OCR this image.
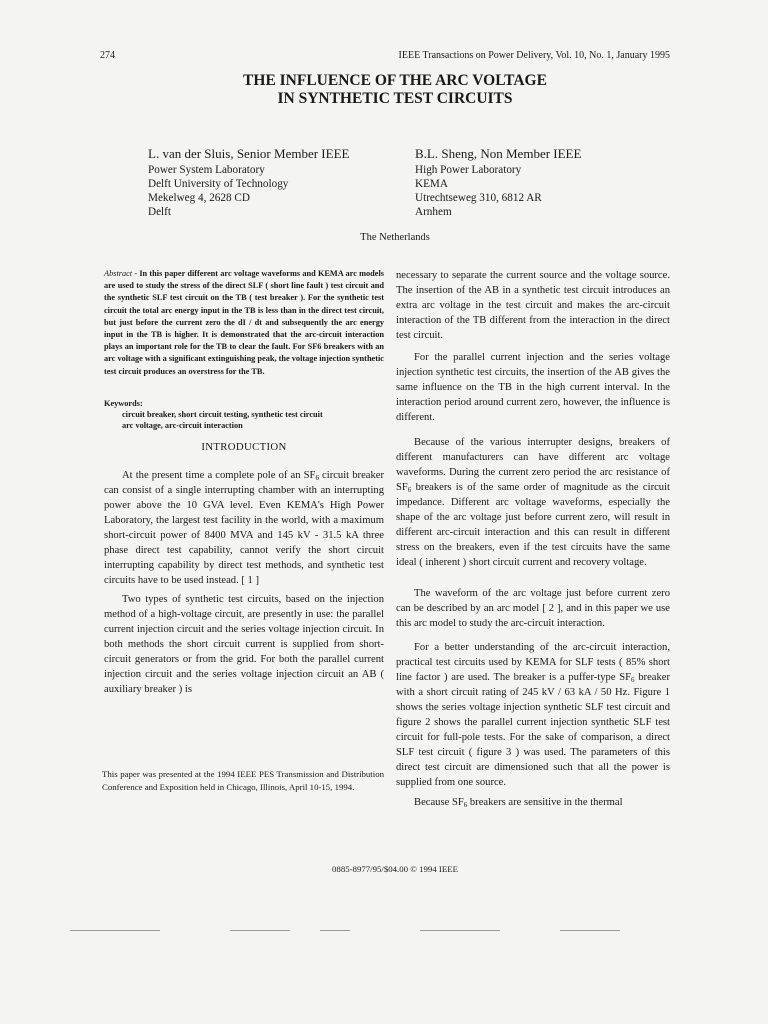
274	IEEE Transactions on Power Delivery, Vol. 10, No. 1, January 1995
THE INFLUENCE OF THE ARC VOLTAGE
IN SYNTHETIC TEST CIRCUITS
L. van der Sluis, Senior Member IEEE
Power System Laboratory
Delft University of Technology
Mekelweg 4, 2628 CD
Delft
B.L. Sheng, Non Member IEEE
High Power Laboratory
KEMA
Utrechtseweg 310, 6812 AR
Arnhem
The Netherlands
Abstract - In this paper different arc voltage waveforms and KEMA arc models are used to study the stress of the direct SLF ( short line fault ) test circuit and the synthetic SLF test circuit on the TB ( test breaker ). For the synthetic test circuit the total arc energy input in the TB is less than in the direct test circuit, but just before the current zero the dI / dt and subsequently the arc energy input in the TB is higher. It is demonstrated that the arc-circuit interaction plays an important role for the TB to clear the fault. For SF6 breakers with an arc voltage with a significant extinguishing peak, the voltage injection synthetic test circuit produces an overstress for the TB.
Keywords:
circuit breaker, short circuit testing, synthetic test circuit
arc voltage, arc-circuit interaction
INTRODUCTION

At the present time a complete pole of an $SF_6$ circuit breaker can consist of a single interrupting chamber with an interrupting power above the 10 GVA level. Even KEMA's High Power Laboratory, the largest test facility in the world, with a maximum short-circuit power of 8400 MVA and 145 kV - 31.5 kA three phase direct test capability, cannot verify the short circuit interrupting capability by direct test methods, and synthetic test circuits have to be used instead. [ 1 ]

Two types of synthetic test circuits, based on the injection method of a high-voltage circuit, are presently in use: the parallel current injection circuit and the series voltage injection circuit. In both methods the short circuit current is supplied from short-circuit generators or from the grid. For both the parallel current injection circuit and the series voltage injection circuit an AB ( auxiliary breaker ) is

This paper was presented at the 1994 IEEE PES Transmission and Distribution Conference and Exposition held in Chicago, Illinois, April 10-15, 1994.

necessary to separate the current source and the voltage source. The insertion of the AB in a synthetic test circuit introduces an extra arc voltage in the test circuit and makes the arc-circuit interaction of the TB different from the interaction in the direct test circuit.

For the parallel current injection and the series voltage injection synthetic test circuits, the insertion of the AB gives the same influence on the TB in the high current interval. In the interaction period around current zero, however, the influence is different.

Because of the various interrupter designs, breakers of different manufacturers can have different arc voltage waveforms. During the current zero period the arc resistance of $SF_6$ breakers is of the same order of magnitude as the circuit impedance. Different arc voltage waveforms, especially the shape of the arc voltage just before current zero, will result in different arc-circuit interaction and this can result in different stress on the breakers, even if the test circuits have the same ideal ( inherent ) short circuit current and recovery voltage.

The waveform of the arc voltage just before current zero can be described by an arc model [ 2 ], and in this paper we use this arc model to study the arc-circuit interaction.

For a better understanding of the arc-circuit interaction, practical test circuits used by KEMA for SLF tests ( 85% short line factor ) are used. The breaker is a puffer-type $SF_6$ breaker with a short circuit rating of 245 kV / 63 kA / 50 Hz. Figure 1 shows the series voltage injection synthetic SLF test circuit and figure 2 shows the parallel current injection synthetic SLF test circuit for full-pole tests. For the sake of comparison, a direct SLF test circuit ( figure 3 ) was used. The parameters of this direct test circuit are dimensioned such that all the power is supplied from one source.

Because $SF_6$ breakers are sensitive in the thermal

0885-8977/95/$04.00 © 1994 IEEE
